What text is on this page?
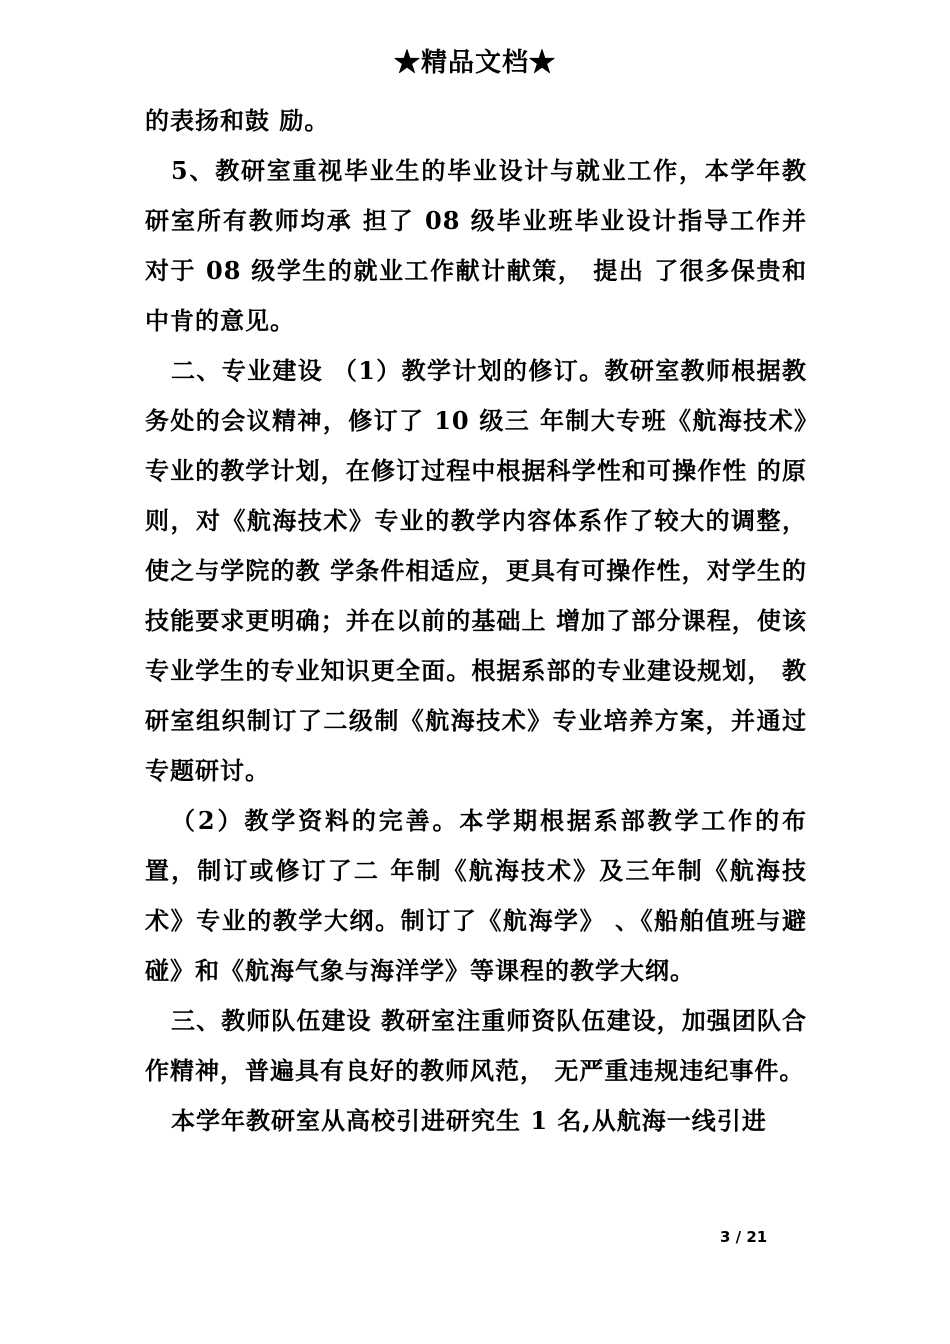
★精品文档★

的表扬和鼓 励。

5、教研室重视毕业生的毕业设计与就业工作，本学年教研室所有教师均承 担了 08 级毕业班毕业设计指导工作并对于 08 级学生的就业工作献计献策， 提出 了很多保贵和中肯的意见。

二、专业建设 （1）教学计划的修订。教研室教师根据教务处的会议精神，修订了 10 级三 年制大专班《航海技术》专业的教学计划，在修订过程中根据科学性和可操作性 的原则，对《航海技术》专业的教学内容体系作了较大的调整，使之与学院的教 学条件相适应，更具有可操作性，对学生的技能要求更明确；并在以前的基础上 增加了部分课程，使该专业学生的专业知识更全面。根据系部的专业建设规划， 教研室组织制订了二级制《航海技术》专业培养方案，并通过专题研讨。

（2）教学资料的完善。本学期根据系部教学工作的布置，制订或修订了二 年制《航海技术》及三年制《航海技术》专业的教学大纲。制订了《航海学》 、《船舶值班与避碰》和《航海气象与海洋学》等课程的教学大纲。

三、教师队伍建设 教研室注重师资队伍建设，加强团队合作精神，普遍具有良好的教师风范， 无严重违规违纪事件。

本学年教研室从高校引进研究生 1 名,从航海一线引进

3 / 21
